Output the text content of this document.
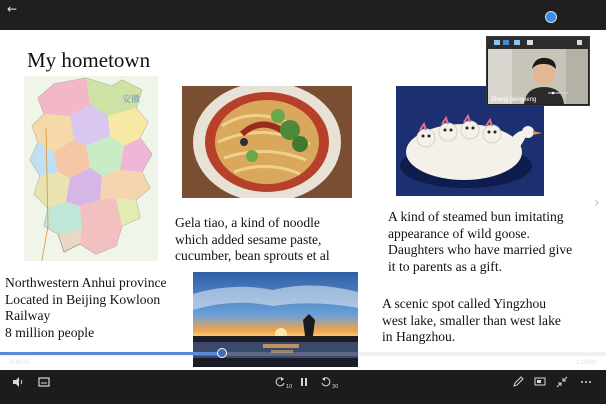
←
My hometown
安徽
Gela tiao, a kind of noodle
which added sesame paste,
cucumber, bean sprouts et al
A kind of steamed bun imitating
appearance of wild goose.
Daughters who have married give
it to parents as a gift.
Northwestern Anhui province
Located in Beijing Kowloon
Railway
8 million people
A scenic spot called Yingzhou
west lake, smaller than west lake
in Hangzhou.
Zheng pengpeng
›
0:43:45	1:18:03
10	30
